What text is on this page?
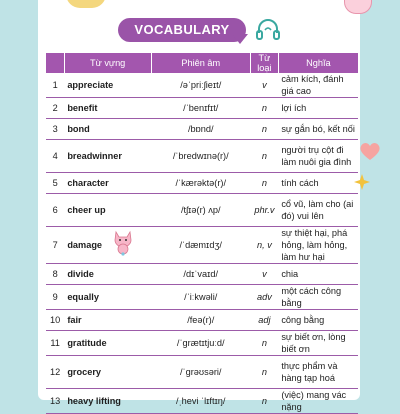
VOCABULARY
	Từ vựng	Phiên âm	Từ loại	Nghĩa
1	appreciate	/əˈpriːʃieɪt/	v	cảm kích, đánh giá cao
2	benefit	/ˈbenɪfɪt/	n	lợi ích
3	bond	/bɒnd/	n	sự gắn bó, kết nối
4	breadwinner	/ˈbredwɪnə(r)/	n	người trụ cột đi làm nuôi gia đình
5	character	/ˈkærəktə(r)/	n	tính cách
6	cheer up	/tʃɪə(r) ʌp/	phr.v	cổ vũ, làm cho (ai đó) vui lên
7	damage	/ˈdæmɪdʒ/	n, v	sự thiệt hại, phá hỏng, làm hỏng, làm hư hại
8	divide	/dɪˈvaɪd/	v	chia
9	equally	/ˈiːkwəli/	adv	một cách công bằng
10	fair	/feə(r)/	adj	công bằng
11	gratitude	/ˈɡrætɪtjuːd/	n	sự biết ơn, lòng biết ơn
12	grocery	/ˈɡrəʊsəri/	n	thực phẩm và hàng tạp hoá
13	heavy lifting	/ˌhevi ˈlɪftɪŋ/	n	(việc) mang vác nặng
